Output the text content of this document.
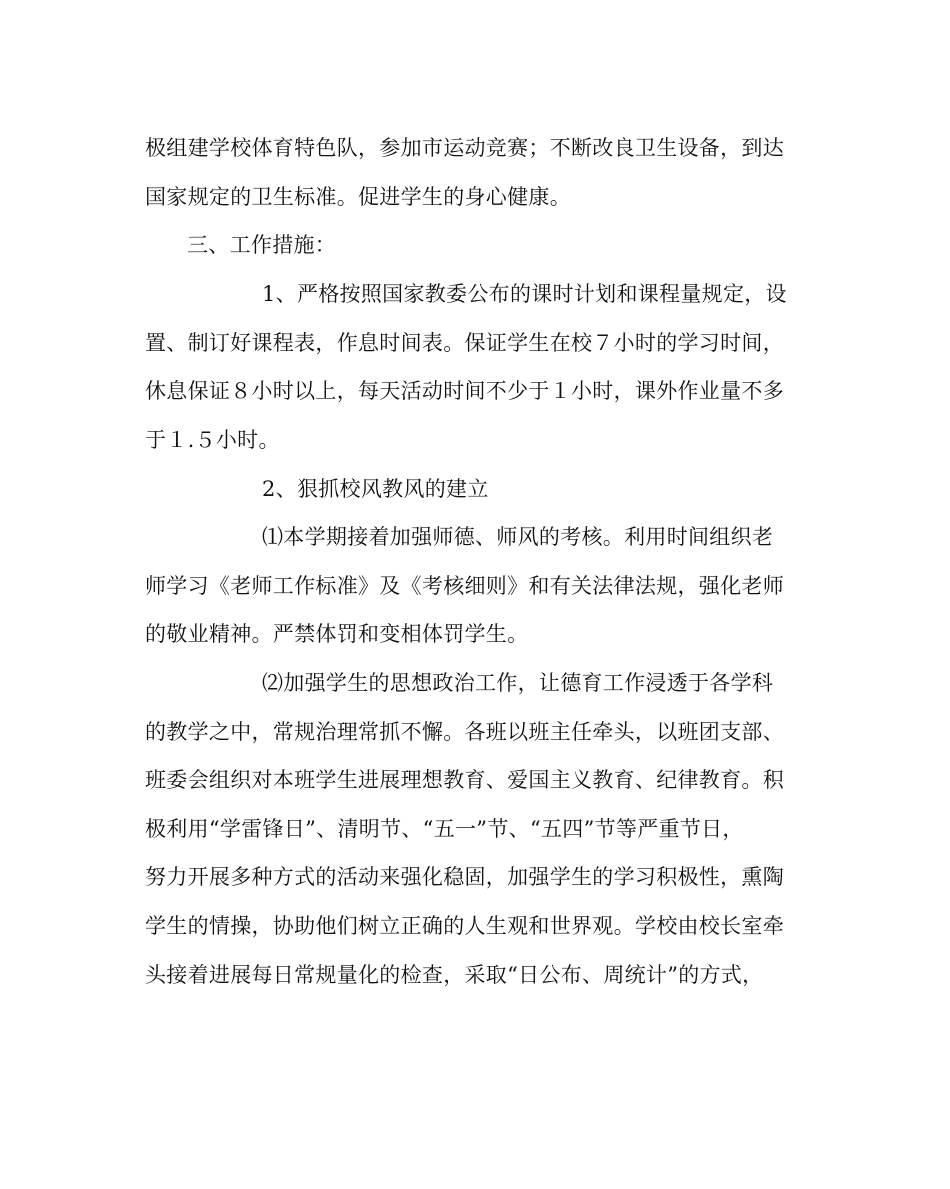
极组建学校体育特色队，参加市运动竞赛；不断改良卫生设备，到达
国家规定的卫生标准。促进学生的身心健康。
三、工作措施：
1、严格按照国家教委公布的课时计划和课程量规定，设
置、制订好课程表，作息时间表。保证学生在校７小时的学习时间，
休息保证８小时以上，每天活动时间不少于１小时，课外作业量不多
于１.５小时。
2、狠抓校风教风的建立
⑴本学期接着加强师德、师风的考核。利用时间组织老
师学习《老师工作标准》及《考核细则》和有关法律法规，强化老师
的敬业精神。严禁体罚和变相体罚学生。
⑵加强学生的思想政治工作，让德育工作浸透于各学科
的教学之中，常规治理常抓不懈。各班以班主任牵头，以班团支部、
班委会组织对本班学生进展理想教育、爱国主义教育、纪律教育。积
极利用“学雷锋日”、清明节、“五一”节、“五四”节等严重节日，
努力开展多种方式的活动来强化稳固，加强学生的学习积极性，熏陶
学生的情操，协助他们树立正确的人生观和世界观。学校由校长室牵
头接着进展每日常规量化的检查，采取“日公布、周统计”的方式，
